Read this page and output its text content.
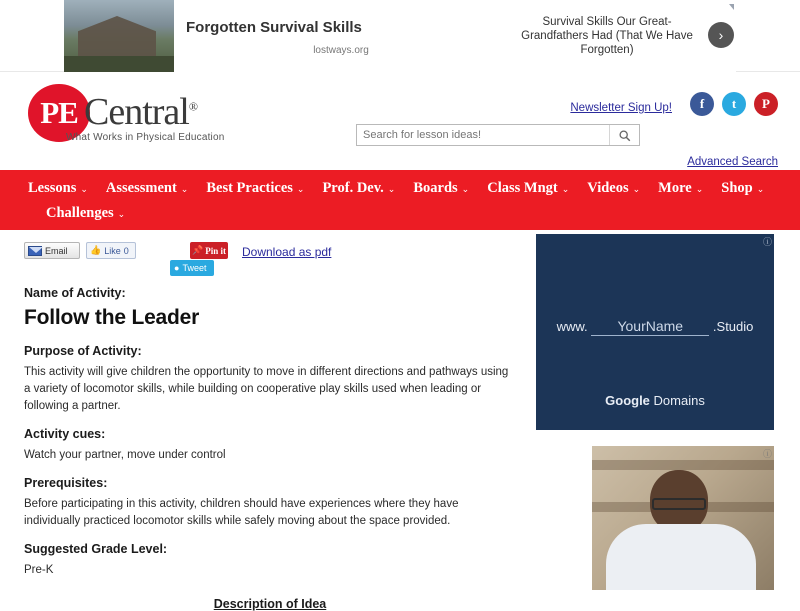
Forgotten Survival Skills
lostways.org
Survival Skills Our Great-Grandfathers Had (That We Have Forgotten)
›
PE Central®
What Works in Physical Education
Newsletter Sign Up!	f	t	P
Search for lesson ideas!
Advanced Search
Lessons ⌄	Assessment ⌄	Best Practices ⌄	Prof. Dev. ⌄	Boards ⌄	Class Mngt ⌄	Videos ⌄	More ⌄	Shop ⌄
Challenges ⌄
Email 👍 Like 0	📌 Pin it
● Tweet
Download as pdf
Name of Activity:
Follow the Leader
Purpose of Activity:

This activity will give children the opportunity to move in different directions and pathways using a variety of locomotor skills, while building on cooperative play skills used when leading or following a partner.

Activity cues:

Watch your partner, move under control

Prerequisites:

Before participating in this activity, children should have experiences where they have individually practiced locomotor skills while safely moving about the space provided.

Suggested Grade Level:

Pre-K

Description of Idea
ⓘ
www. YourName .Studio
Google Domains
ⓘ
